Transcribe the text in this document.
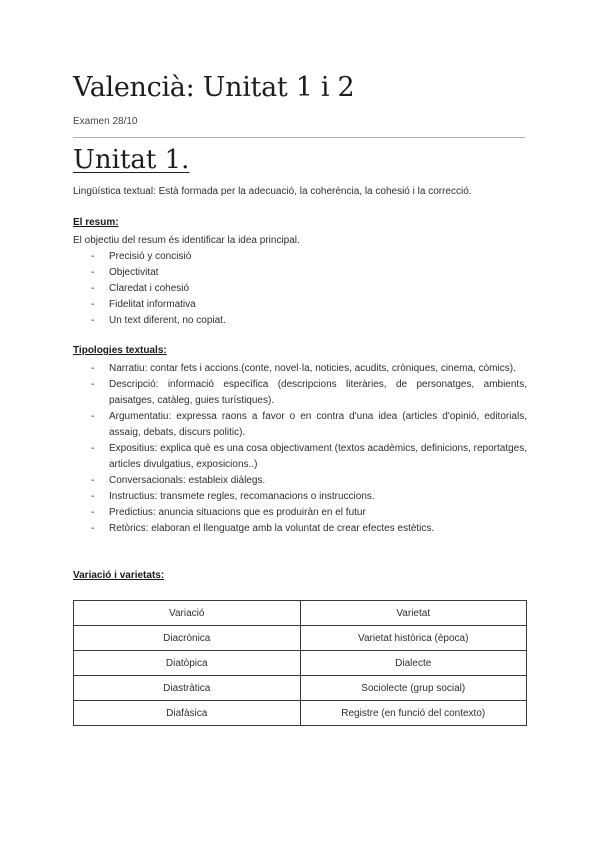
Valencià: Unitat 1 i 2
Examen 28/10
Unitat 1.
Lingüística textual: Està formada per la adecuació, la coherència, la cohesió i la correcció.
El resum:
El objectiu del resum és identificar la idea principal.
- Precisió y concisió
- Objectivitat
- Claredat i cohesió
- Fidelitat informativa
- Un text diferent, no copiat.
Tipologies textuals:
- Narratiu: contar fets i accions.(conte, novel·la, noticies, acudits, cròniques, cinema, còmics).
- Descripció: informació específica (descripcions literàries, de personatges, ambients, paisatges, catàleg, guies turístiques).
- Argumentatiu: expressa raons a favor o en contra d'una idea (articles d'opinió, editorials, assaig, debats, discurs politic).
- Expositius: explica què es una cosa objectivament (textos acadèmics, definicions, reportatges, articles divulgatius, exposicions..)
- Conversacionals: estableix diàlegs.
- Instructius: transmete regles, recomanacions o instruccions.
- Predictius: anuncia situacions que es produiràn en el futur
- Retòrics: elaboran el llenguatge amb la voluntat de crear efectes estètics.
Variació i varietats:
Variació	Varietat
Diacrònica	Varietat històrica (època)
Diatòpica	Dialecte
Diastràtica	Sociolecte (grup social)
Diafàsica	Registre (en funció del contexto)
